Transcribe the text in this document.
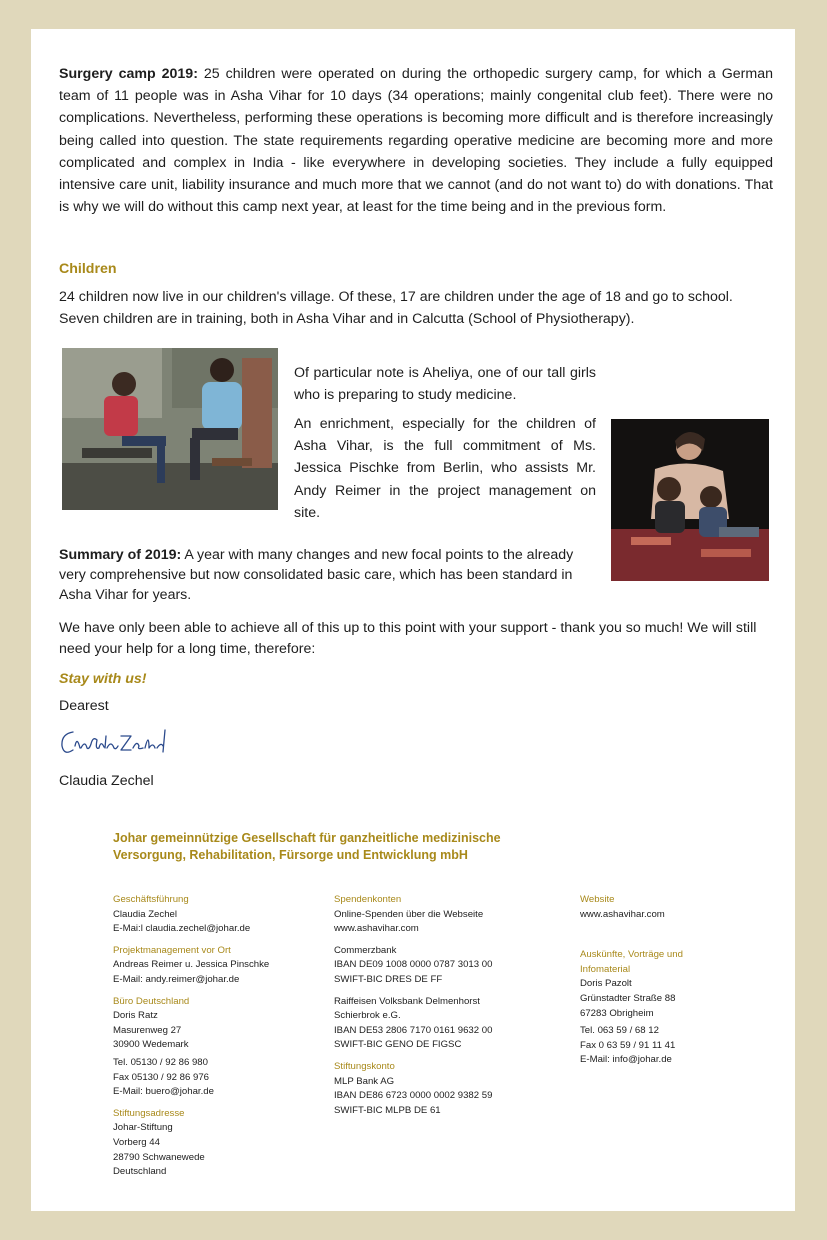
Surgery camp 2019: 25 children were operated on during the orthopedic surgery camp, for which a German team of 11 people was in Asha Vihar for 10 days (34 operations; mainly congenital club feet). There were no complications. Nevertheless, performing these operations is becoming more difficult and is therefore increasingly being called into question. The state requirements regarding operative medicine are becoming more and more complicated and complex in India - like everywhere in developing societies. They include a fully equipped intensive care unit, liability insurance and much more that we cannot (and do not want to) do with donations. That is why we will do without this camp next year, at least for the time being and in the previous form.

Children

24 children now live in our children's village. Of these, 17 are children under the age of 18 and go to school. Seven children are in training, both in Asha Vihar and in Calcutta (School of Physiotherapy).

Of particular note is Aheliya, one of our tall girls who is preparing to study medicine.

An enrichment, especially for the children of Asha Vihar, is the full commitment of Ms. Jessica Pischke from Berlin, who assists Mr. Andy Reimer in the project management on site.

Summary of 2019: A year with many changes and new focal points to the already very comprehensive but now consolidated basic care, which has been standard in Asha Vihar for years.

We have only been able to achieve all of this up to this point with your support - thank you so much! We will still need your help for a long time, therefore:

Stay with us!

Dearest

Claudia Zechel

Johar gemeinnützige Gesellschaft für ganzheitliche medizinische Versorgung, Rehabilitation, Fürsorge und Entwicklung mbH

Geschäftsführung
Claudia Zechel
E-Mai:l claudia.zechel@johar.de
Projektmanagement vor Ort
Andreas Reimer u. Jessica Pinschke
E-Mail: andy.reimer@johar.de
Büro Deutschland
Doris Ratz
Masurenweg 27
30900 Wedemark
Tel. 05130 / 92 86 980
Fax 05130 / 92 86 976
E-Mail: buero@johar.de
Stiftungsadresse
Johar-Stiftung
Vorberg 44
28790 Schwanewede
Deutschland
Spendenkonten
Online-Spenden über die Webseite
www.ashavihar.com
Commerzbank
IBAN DE09 1008 0000 0787 3013 00
SWIFT-BIC DRES DE FF
Raiffeisen Volksbank Delmenhorst
Schierbrok e.G.
IBAN DE53 2806 7170 0161 9632 00
SWIFT-BIC GENO DE FIGSC
Stiftungskonto
MLP Bank AG
IBAN DE86 6723 0000 0002 9382 59
SWIFT-BIC MLPB DE 61
Website
www.ashavihar.com
Auskünfte, Vorträge und
Infomaterial
Doris Pazolt
Grünstadter Straße 88
67283 Obrigheim
Tel. 063 59 / 68 12
Fax 0 63 59 / 91 11 41
E-Mail: info@johar.de
